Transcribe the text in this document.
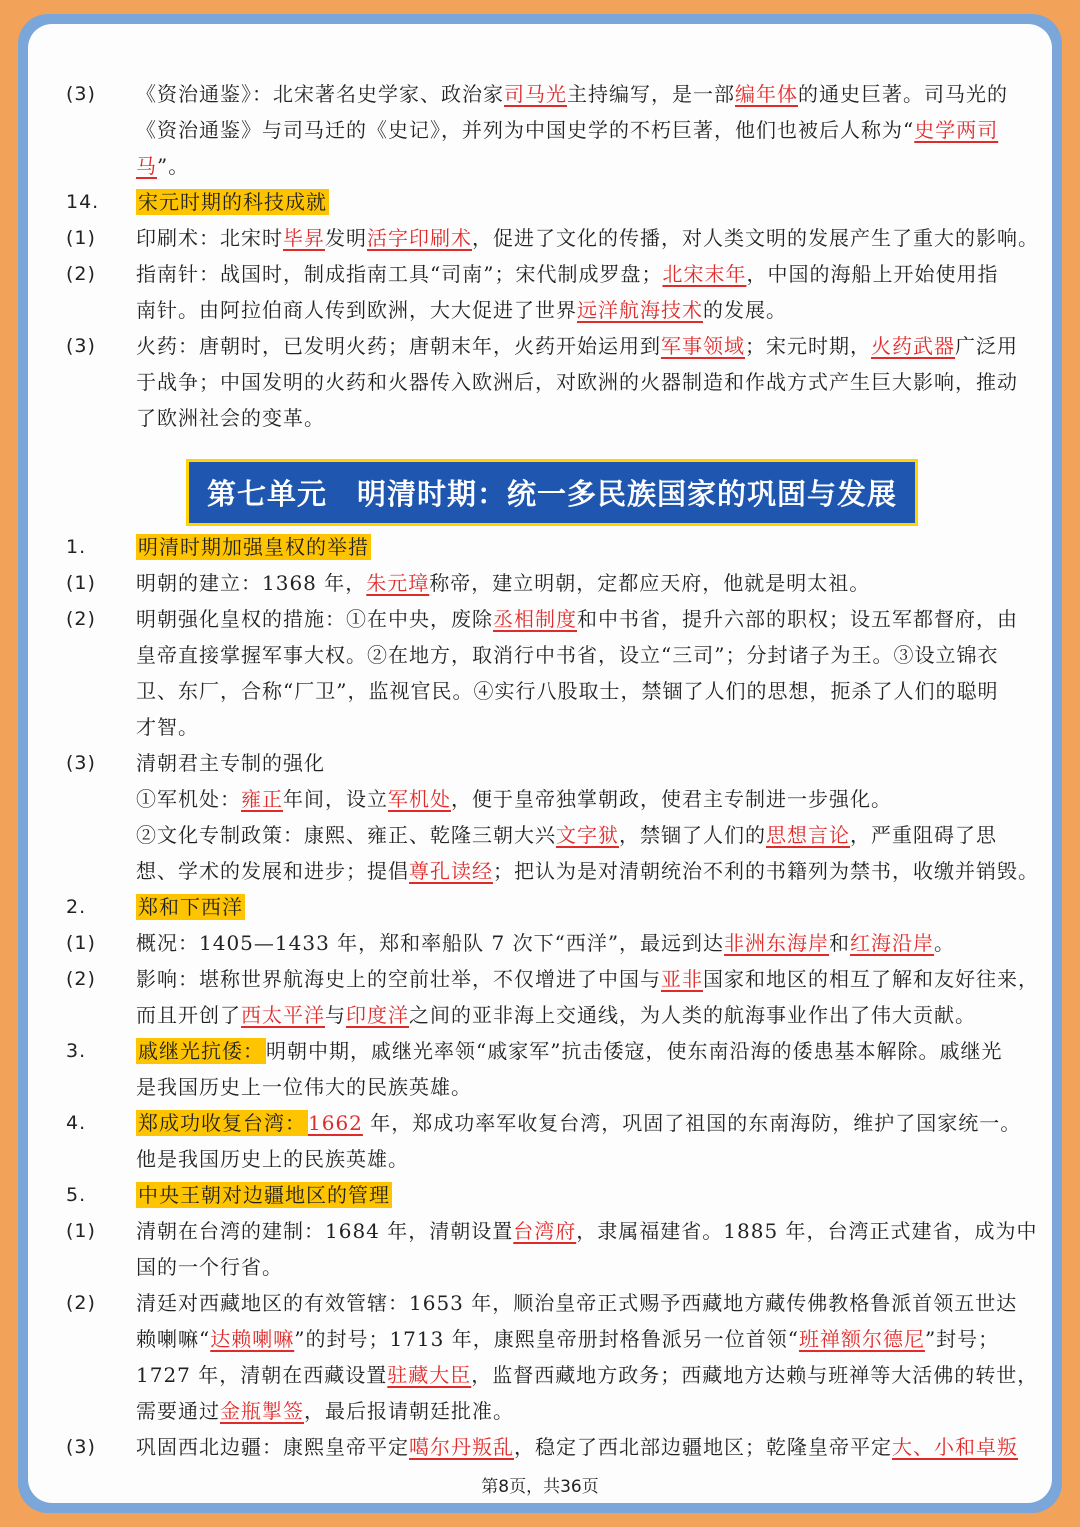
(3)	《资治通鉴》：北宋著名史学家、政治家司马光主持编写，是一部编年体的通史巨著。司马光的
《资治通鉴》与司马迁的《史记》，并列为中国史学的不朽巨著，他们也被后人称为“史学两司
马”。
14.	宋元时期的科技成就
(1)	印刷术：北宋时毕昇发明活字印刷术，促进了文化的传播，对人类文明的发展产生了重大的影响。
(2)	指南针：战国时，制成指南工具“司南”；宋代制成罗盘；北宋末年，中国的海船上开始使用指
南针。由阿拉伯商人传到欧洲，大大促进了世界远洋航海技术的发展。
(3)	火药：唐朝时，已发明火药；唐朝末年，火药开始运用到军事领域；宋元时期，火药武器广泛用
于战争；中国发明的火药和火器传入欧洲后，对欧洲的火器制造和作战方式产生巨大影响，推动
了欧洲社会的变革。
第七单元　明清时期：统一多民族国家的巩固与发展
1.	明清时期加强皇权的举措
(1)	明朝的建立：1368 年，朱元璋称帝，建立明朝，定都应天府，他就是明太祖。
(2)	明朝强化皇权的措施：①在中央，废除丞相制度和中书省，提升六部的职权；设五军都督府，由
皇帝直接掌握军事大权。②在地方，取消行中书省，设立“三司”；分封诸子为王。③设立锦衣
卫、东厂，合称“厂卫”，监视官民。④实行八股取士，禁锢了人们的思想，扼杀了人们的聪明
才智。
(3)	清朝君主专制的强化
①军机处：雍正年间，设立军机处，便于皇帝独掌朝政，使君主专制进一步强化。
②文化专制政策：康熙、雍正、乾隆三朝大兴文字狱，禁锢了人们的思想言论，严重阻碍了思
想、学术的发展和进步；提倡尊孔读经；把认为是对清朝统治不利的书籍列为禁书，收缴并销毁。
2.	郑和下西洋
(1)	概况：1405—1433 年，郑和率船队 7 次下“西洋”，最远到达非洲东海岸和红海沿岸。
(2)	影响：堪称世界航海史上的空前壮举，不仅增进了中国与亚非国家和地区的相互了解和友好往来，
而且开创了西太平洋与印度洋之间的亚非海上交通线，为人类的航海事业作出了伟大贡献。
3.	戚继光抗倭： 明朝中期，戚继光率领“戚家军”抗击倭寇，使东南沿海的倭患基本解除。戚继光
是我国历史上一位伟大的民族英雄。
4.	郑成功收复台湾： 1662 年，郑成功率军收复台湾，巩固了祖国的东南海防，维护了国家统一。
他是我国历史上的民族英雄。
5.	中央王朝对边疆地区的管理
(1)	清朝在台湾的建制：1684 年，清朝设置台湾府，隶属福建省。1885 年，台湾正式建省，成为中
国的一个行省。
(2)	清廷对西藏地区的有效管辖：1653 年，顺治皇帝正式赐予西藏地方藏传佛教格鲁派首领五世达
赖喇嘛“达赖喇嘛”的封号；1713 年，康熙皇帝册封格鲁派另一位首领“班禅额尔德尼”封号；
1727 年，清朝在西藏设置驻藏大臣，监督西藏地方政务；西藏地方达赖与班禅等大活佛的转世，
需要通过金瓶掣签，最后报请朝廷批准。
(3)	巩固西北边疆：康熙皇帝平定噶尔丹叛乱，稳定了西北部边疆地区；乾隆皇帝平定大、小和卓叛
第8页，共36页
